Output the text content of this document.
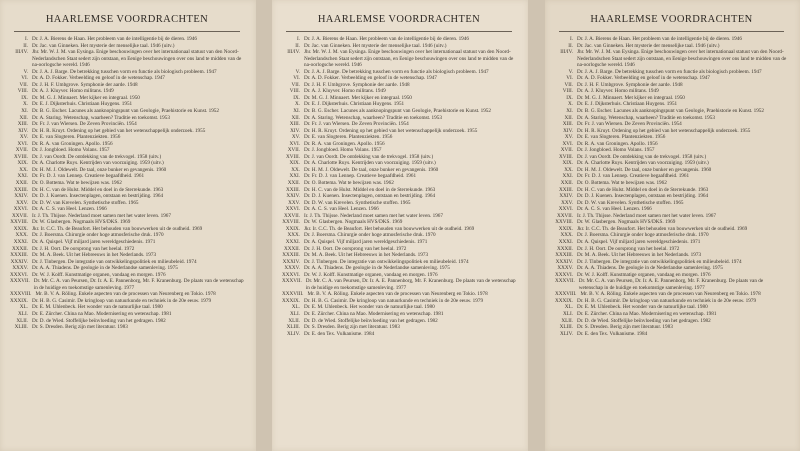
HAARLEMSE VOORDRACHTEN
I. Dr. J. A. Bierens de Haan. Het probleem van de intelligentie bij de dieren. 1946
II. Dr. Jac. van Ginneken. Het mysterie der menselijke taal. 1946 (uitv.)
III/IV. Jhr. Mr. W. J. M. van Eysinga. Enige beschouwingen over het internationaal statuut van den Noord-Nederlandschen Staat sedert zijn ontstaan, en Eenige beschouwingen over ons land te midden van de na-oorlogsche wereld. 1946
V. Dr. J. A. J. Barge. De betrekking tusschen vorm en functie als biologisch probleem. 1947
VI. Dr. A. D. Fokker. Verbeelding en geloof in de wetenschap. 1947
VII. Dr. J. H. F. Umbgrove. Symphonie der aarde. 1948
VIII. Dr. A. J. Kluyver. Homo militans. 1949
IX. Dr. M. G. J. Minnaert. Met kijker en integraal. 1950
X. Dr. E. J. Dijksterhuis. Christiaan Huygens. 1951
XI. Dr. B. G. Escher. Lacunes als aanknopingspunt van Geologie, Praehistorie en Kunst. 1952
XII. Dr. A. Staring. Wetenschap, waarheen? Traditie en toekomst. 1953
XIII. Dr. Fr. J. van Wiersen. De Zeven Provinciën. 1954
XIV. Dr. H. R. Kruyt. Ordening op het gebied van het wetenschappelijk onderzoek. 1955
XV. Dr. E. van Slogteren. Plantenziekten. 1956
XVI. Dr. R. A. van Groningen. Apollo. 1956
XVII. Dr. J. Jongbloed. Homo Volans. 1957
XVIII. Dr. J. van Oordt. De ontdekking van de trekvogel. 1958 (uitv.)
XIX. Dr. A. Charlotte Ruys. Kentrijden van voorzuiging. 1959 (uitv.)
XX. Dr. H. M. J. Oldewelt. De taal, onze bunker en gevangenis. 1960
XXI. Dr. Fr. D. J. van Lennep. Creatieve begaafdheid. 1961
XXII. Dr. O. Bottema. Wat te bewijzen was. 1962
XXIII. Dr. H. C. van de Hulst. Middel en doel in de Sterrekunde. 1963
XXIV. Dr. D. J. Kuenen. Insectenplagen, ontstaan en bestrijding. 1964
XXV. Dr. D. W. van Krevelen. Synthetische stoffen. 1965
XXVI. Dr. A. C. S. van Heel. Lenzen. 1966
XXVII. Ir. J. Th. Thijsse. Nederland moet samen met het water leven. 1967
XXVIII. Dr. W. Glasbergen. Nogmaals HVS/DKS. 1969
XXIX. Jkr. Ir. C.C. Th. de Beaufort. Het behouden van bouwwerken uit de oudheid. 1969
XXX. Dr. J. Boersma. Chirurgie onder hoge atmosferische druk. 1970
XXXI. Dr. A. Quispel. Vijf miljard jaren wereldgeschiedenis. 1971
XXXII. Dr. J. H. Oort. De oorsprong van het heelal. 1972
XXXIII. Dr. M. A. Beek. Uit het Hebreeuws in het Nederlands. 1973
XXXIV. Dr. J. Tinbergen. De integratie van ontwikkelingspolitiek en milieubeleid. 1974
XXXV. Dr. A. A. Thiadens. De geologie in de Nederlandse samenleving. 1975
XXXVI. Dr. W. J. Kolff. Kunstmatige organen, vandaag en morgen. 1976
XXXVII. Dr. Mr. C. A. van Peursen, Dr. Ir. A. E. Pannenborg, Mr. F. Kranenburg. De plaats van de wetenschap in de huidige en toekomstige samenleving. 1977
XXXVIII. Mr. B. V. A. Röling. Enkele aspecten van de processen van Neurenberg en Tokio. 1978
XXXIX. Dr. H. B. G. Casimir. De kringloop van natuurkunde en techniek in de 20e eeuw. 1979
XL. Dr. E. M. Uhlenbeck. Het wonder van de natuurlijke taal. 1980
XLI. Dr. E. Zürcher. China na Mao. Modernisering en wetenschap. 1981
XLII. Dr. D. de Wied. Stoffelijke beïnvloeding van het gedragen. 1982
XLIII. Dr. S. Dresden. Berig zijn met literatuur. 1983
HAARLEMSE VOORDRACHTEN
I. Dr. J. A. Bierens de Haan. Het probleem van de intelligentie bij de dieren. 1946
II. Dr. Jac. van Ginneken. Het mysterie der menselijke taal. 1946 (uitv.)
III/IV. Jhr. Mr. W. J. M. van Eysinga. Enige beschouwingen over het internationaal statuut van den Noord-Nederlandschen Staat sedert zijn ontstaan, en Eenige beschouwingen over ons land te midden van de na-oorlogsche wereld. 1946
V. Dr. J. A. J. Barge. De betrekking tusschen vorm en functie als biologisch probleem. 1947
VI. Dr. A. D. Fokker. Verbeelding en geloof in de wetenschap. 1947
VII. Dr. J. H. F. Umbgrove. Symphonie der aarde. 1948
VIII. Dr. A. J. Kluyver. Homo militans. 1949
IX. Dr. M. G. J. Minnaert. Met kijker en integraal. 1950
X. Dr. E. J. Dijksterhuis. Christiaan Huygens. 1951
XI. Dr. B. G. Escher. Lacunes als aanknopingspunt van Geologie, Praehistorie en Kunst. 1952
XII. Dr. A. Staring. Wetenschap, waarheen? Traditie en toekomst. 1953
XIII. Dr. Fr. J. van Wiersen. De Zeven Provinciën. 1954
XIV. Dr. H. R. Kruyt. Ordening op het gebied van het wetenschappelijk onderzoek. 1955
XV. Dr. E. van Slogteren. Plantenziekten. 1956
XVI. Dr. R. A. van Groningen. Apollo. 1956
XVII. Dr. J. Jongbloed. Homo Volans. 1957
XVIII. Dr. J. van Oordt. De ontdekking van de trekvogel. 1958 (uitv.)
XIX. Dr. A. Charlotte Ruys. Kentrijden van voorzuiging. 1959 (uitv.)
XX. Dr. H. M. J. Oldewelt. De taal, onze bunker en gevangenis. 1960
XXI. Dr. Fr. D. J. van Lennep. Creatieve begaafdheid. 1961
XXII. Dr. O. Bottema. Wat te bewijzen was. 1962
XXIII. Dr. H. C. van de Hulst. Middel en doel in de Sterrekunde. 1963
XXIV. Dr. D. J. Kuenen. Insectenplagen, ontstaan en bestrijding. 1964
XXV. Dr. D. W. van Krevelen. Synthetische stoffen. 1965
XXVI. Dr. A. C. S. van Heel. Lenzen. 1966
XXVII. Ir. J. Th. Thijsse. Nederland moet samen met het water leven. 1967
XXVIII. Dr. W. Glasbergen. Nogmaals HVS/DKS. 1969
XXIX. Jkr. Ir. C.C. Th. de Beaufort. Het behouden van bouwwerken uit de oudheid. 1969
XXX. Dr. J. Boersma. Chirurgie onder hoge atmosferische druk. 1970
XXXI. Dr. A. Quispel. Vijf miljard jaren wereldgeschiedenis. 1971
XXXII. Dr. J. H. Oort. De oorsprong van het heelal. 1972
XXXIII. Dr. M. A. Beek. Uit het Hebreeuws in het Nederlands. 1973
XXXIV. Dr. J. Tinbergen. De integratie van ontwikkelingspolitiek en milieubeleid. 1974
XXXV. Dr. A. A. Thiadens. De geologie in de Nederlandse samenleving. 1975
XXXVI. Dr. W. J. Kolff. Kunstmatige organen, vandaag en morgen. 1976
XXXVII. Dr. Mr. C. A. van Peursen, Dr. Ir. A. E. Pannenborg, Mr. F. Kranenburg. De plaats van de wetenschap in de huidige en toekomstige samenleving. 1977
XXXVIII. Mr. B. V. A. Röling. Enkele aspecten van de processen van Neurenberg en Tokio. 1978
XXXIX. Dr. H. B. G. Casimir. De kringloop van natuurkunde en techniek in de 20e eeuw. 1979
XL. Dr. E. M. Uhlenbeck. Het wonder van de natuurlijke taal. 1980
XLI. Dr. E. Zürcher. China na Mao. Modernisering en wetenschap. 1981
XLII. Dr. D. de Wied. Stoffelijke beïnvloeding van het gedragen. 1982
XLIII. Dr. S. Dresden. Berig zijn met literatuur. 1983
XLIV. Dr. E. den Tex. Vulkanisme. 1984
HAARLEMSE VOORDRACHTEN
I. Dr. J. A. Bierens de Haan. Het probleem van de intelligentie bij de dieren. 1946
II. Dr. Jac. van Ginneken. Het mysterie der menselijke taal. 1946 (uitv.)
III/IV. Jhr. Mr. W. J. M. van Eysinga. Enige beschouwingen over het internationaal statuut van den Noord-Nederlandschen Staat sedert zijn ontstaan, en Eenige beschouwingen over ons land te midden van de na-oorlogsche wereld. 1946
V. Dr. J. A. J. Barge. De betrekking tusschen vorm en functie als biologisch probleem. 1947
VI. Dr. A. D. Fokker. Verbeelding en geloof in de wetenschap. 1947
VII. Dr. J. H. F. Umbgrove. Symphonie der aarde. 1948
VIII. Dr. A. J. Kluyver. Homo militans. 1949
IX. Dr. M. G. J. Minnaert. Met kijker en integraal. 1950
X. Dr. E. J. Dijksterhuis. Christiaan Huygens. 1951
XI. Dr. B. G. Escher. Lacunes als aanknopingspunt van Geologie, Praehistorie en Kunst. 1952
XII. Dr. A. Staring. Wetenschap, waarheen? Traditie en toekomst. 1953
XIII. Dr. Fr. J. van Wiersen. De Zeven Provinciën. 1954
XIV. Dr. H. R. Kruyt. Ordening op het gebied van het wetenschappelijk onderzoek. 1955
XV. Dr. E. van Slogteren. Plantenziekten. 1956
XVI. Dr. R. A. van Groningen. Apollo. 1956
XVII. Dr. J. Jongbloed. Homo Volans. 1957
XVIII. Dr. J. van Oordt. De ontdekking van de trekvogel. 1958 (uitv.)
XIX. Dr. A. Charlotte Ruys. Kentrijden van voorzuiging. 1959 (uitv.)
XX. Dr. H. M. J. Oldewelt. De taal, onze bunker en gevangenis. 1960
XXI. Dr. Fr. D. J. van Lennep. Creatieve begaafdheid. 1961
XXII. Dr. O. Bottema. Wat te bewijzen was. 1962
XXIII. Dr. H. C. van de Hulst. Middel en doel in de Sterrekunde. 1963
XXIV. Dr. D. J. Kuenen. Insectenplagen, ontstaan en bestrijding. 1964
XXV. Dr. D. W. van Krevelen. Synthetische stoffen. 1965
XXVI. Dr. A. C. S. van Heel. Lenzen. 1966
XXVII. Ir. J. Th. Thijsse. Nederland moet samen met het water leven. 1967
XXVIII. Dr. W. Glasbergen. Nogmaals HVS/DKS. 1969
XXIX. Jkr. Ir. C.C. Th. de Beaufort. Het behouden van bouwwerken uit de oudheid. 1969
XXX. Dr. J. Boersma. Chirurgie onder hoge atmosferische druk. 1970
XXXI. Dr. A. Quispel. Vijf miljard jaren wereldgeschiedenis. 1971
XXXII. Dr. J. H. Oort. De oorsprong van het heelal. 1972
XXXIII. Dr. M. A. Beek. Uit het Hebreeuws in het Nederlands. 1973
XXXIV. Dr. J. Tinbergen. De integratie van ontwikkelingspolitiek en milieubeleid. 1974
XXXV. Dr. A. A. Thiadens. De geologie in de Nederlandse samenleving. 1975
XXXVI. Dr. W. J. Kolff. Kunstmatige organen, vandaag en morgen. 1976
XXXVII. Dr. Mr. C. A. van Peursen, Dr. Ir. A. E. Pannenborg, Mr. F. Kranenburg. De plaats van de wetenschap in de huidige en toekomstige samenleving. 1977
XXXVIII. Mr. B. V. A. Röling. Enkele aspecten van de processen van Neurenberg en Tokio. 1978
XXXIX. Dr. H. B. G. Casimir. De kringloop van natuurkunde en techniek in de 20e eeuw. 1979
XL. Dr. E. M. Uhlenbeck. Het wonder van de natuurlijke taal. 1980
XLI. Dr. E. Zürcher. China na Mao. Modernisering en wetenschap. 1981
XLII. Dr. D. de Wied. Stoffelijke beïnvloeding van het gedragen. 1982
XLIII. Dr. S. Dresden. Berig zijn met literatuur. 1983
XLIV. Dr. E. den Tex. Vulkanisme. 1984
